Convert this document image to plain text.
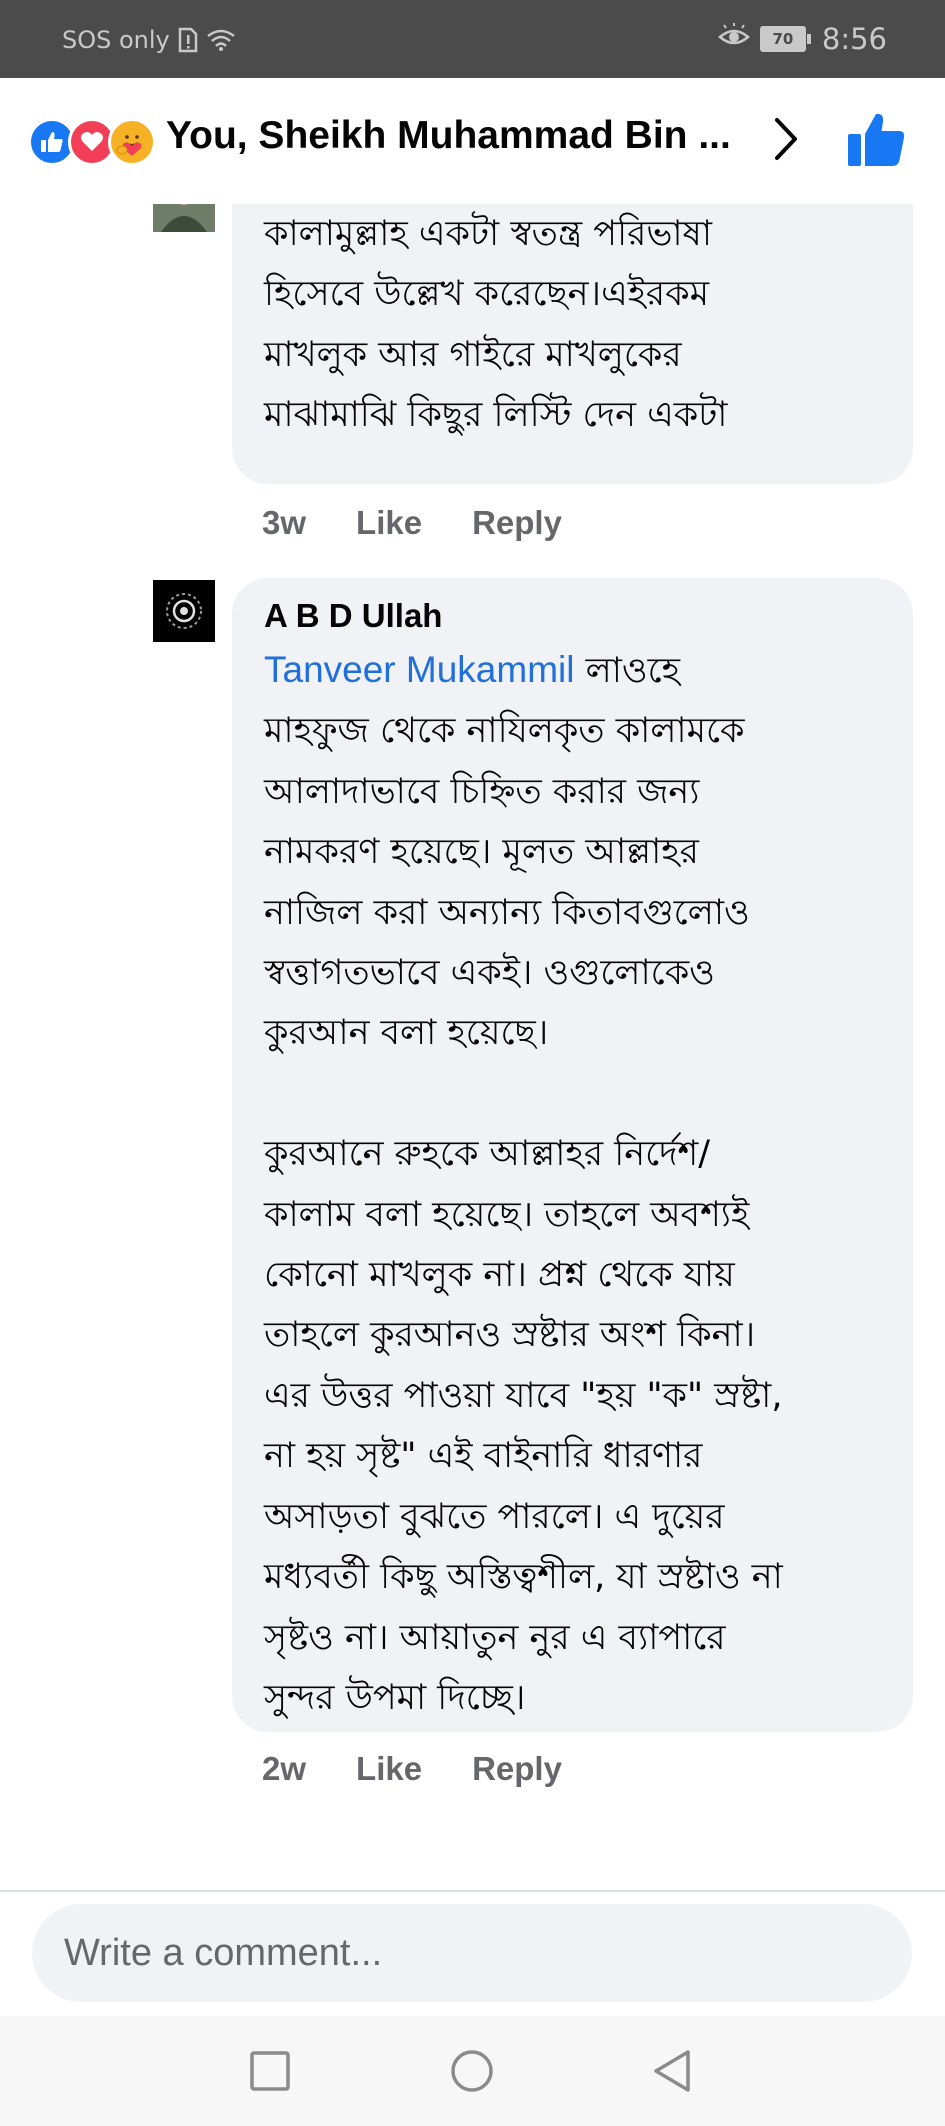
SOS only	70 8:56
You, Sheikh Muhammad Bin ...
কালামুল্লাহ একটা স্বতন্ত্র পরিভাষা
হিসেবে উল্লেখ করেছেন।এইরকম
মাখলুক আর গাইরে মাখলুকের
মাঝামাঝি কিছুর লিস্টি দেন একটা
3w Like Reply
A B D Ullah
Tanveer Mukammil লাওহে
মাহফুজ থেকে নাযিলকৃত কালামকে
আলাদাভাবে চিহ্নিত করার জন্য
নামকরণ হয়েছে। মূলত আল্লাহর
নাজিল করা অন্যান্য কিতাবগুলোও
স্বত্তাগতভাবে একই। ওগুলোকেও
কুরআন বলা হয়েছে।

কুরআনে রুহকে আল্লাহর নির্দেশ/
কালাম বলা হয়েছে। তাহলে অবশ্যই
কোনো মাখলুক না। প্রশ্ন থেকে যায়
তাহলে কুরআনও স্রষ্টার অংশ কিনা।
এর উত্তর পাওয়া যাবে "হয় "ক" স্রষ্টা,
না হয় সৃষ্ট" এই বাইনারি ধারণার
অসাড়তা বুঝতে পারলে। এ দুয়ের
মধ্যবর্তী কিছু অস্তিত্বশীল, যা স্রষ্টাও না
সৃষ্টও না। আয়াতুন নুর এ ব্যাপারে
সুন্দর উপমা দিচ্ছে।
2w Like Reply
Write a comment...
